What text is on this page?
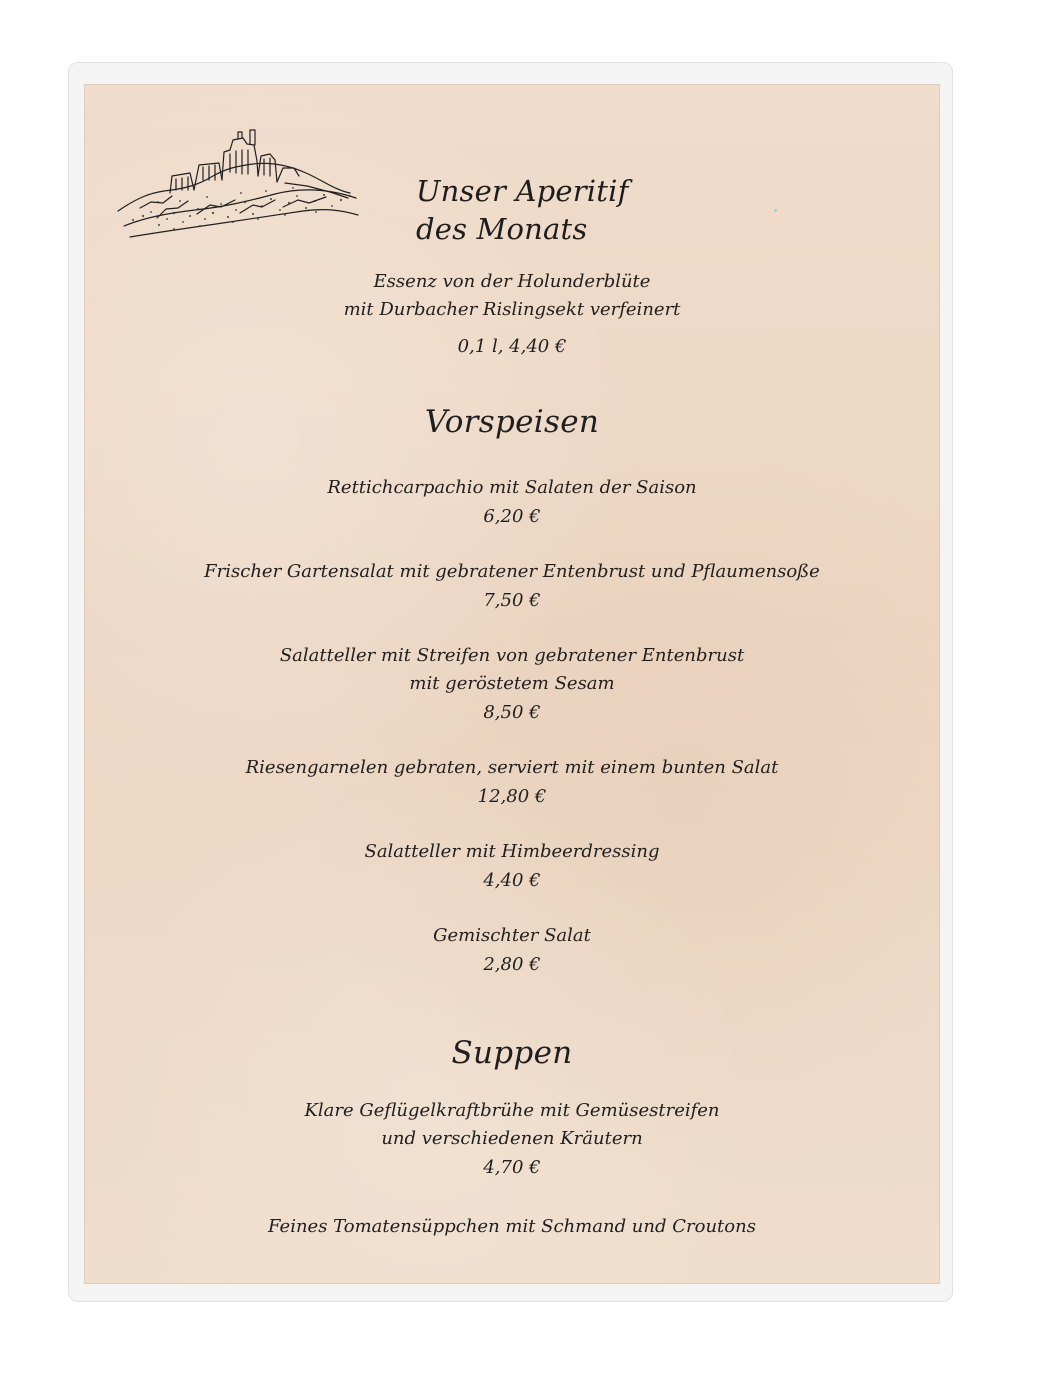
Unser Aperitif
des Monats
Essenz von der Holunderblüte
mit Durbacher Rislingsekt verfeinert
0,1 l, 4,40 €
Vorspeisen
Rettichcarpachio mit Salaten der Saison
6,20 €
Frischer Gartensalat mit gebratener Entenbrust und Pflaumensoße
7,50 €
Salatteller mit Streifen von gebratener Entenbrust
mit geröstetem Sesam
8,50 €
Riesengarnelen gebraten, serviert mit einem bunten Salat
12,80 €
Salatteller mit Himbeerdressing
4,40 €
Gemischter Salat
2,80 €
Suppen
Klare Geflügelkraftbrühe mit Gemüsestreifen
und verschiedenen Kräutern
4,70 €
Feines Tomatensüppchen mit Schmand und Croutons
